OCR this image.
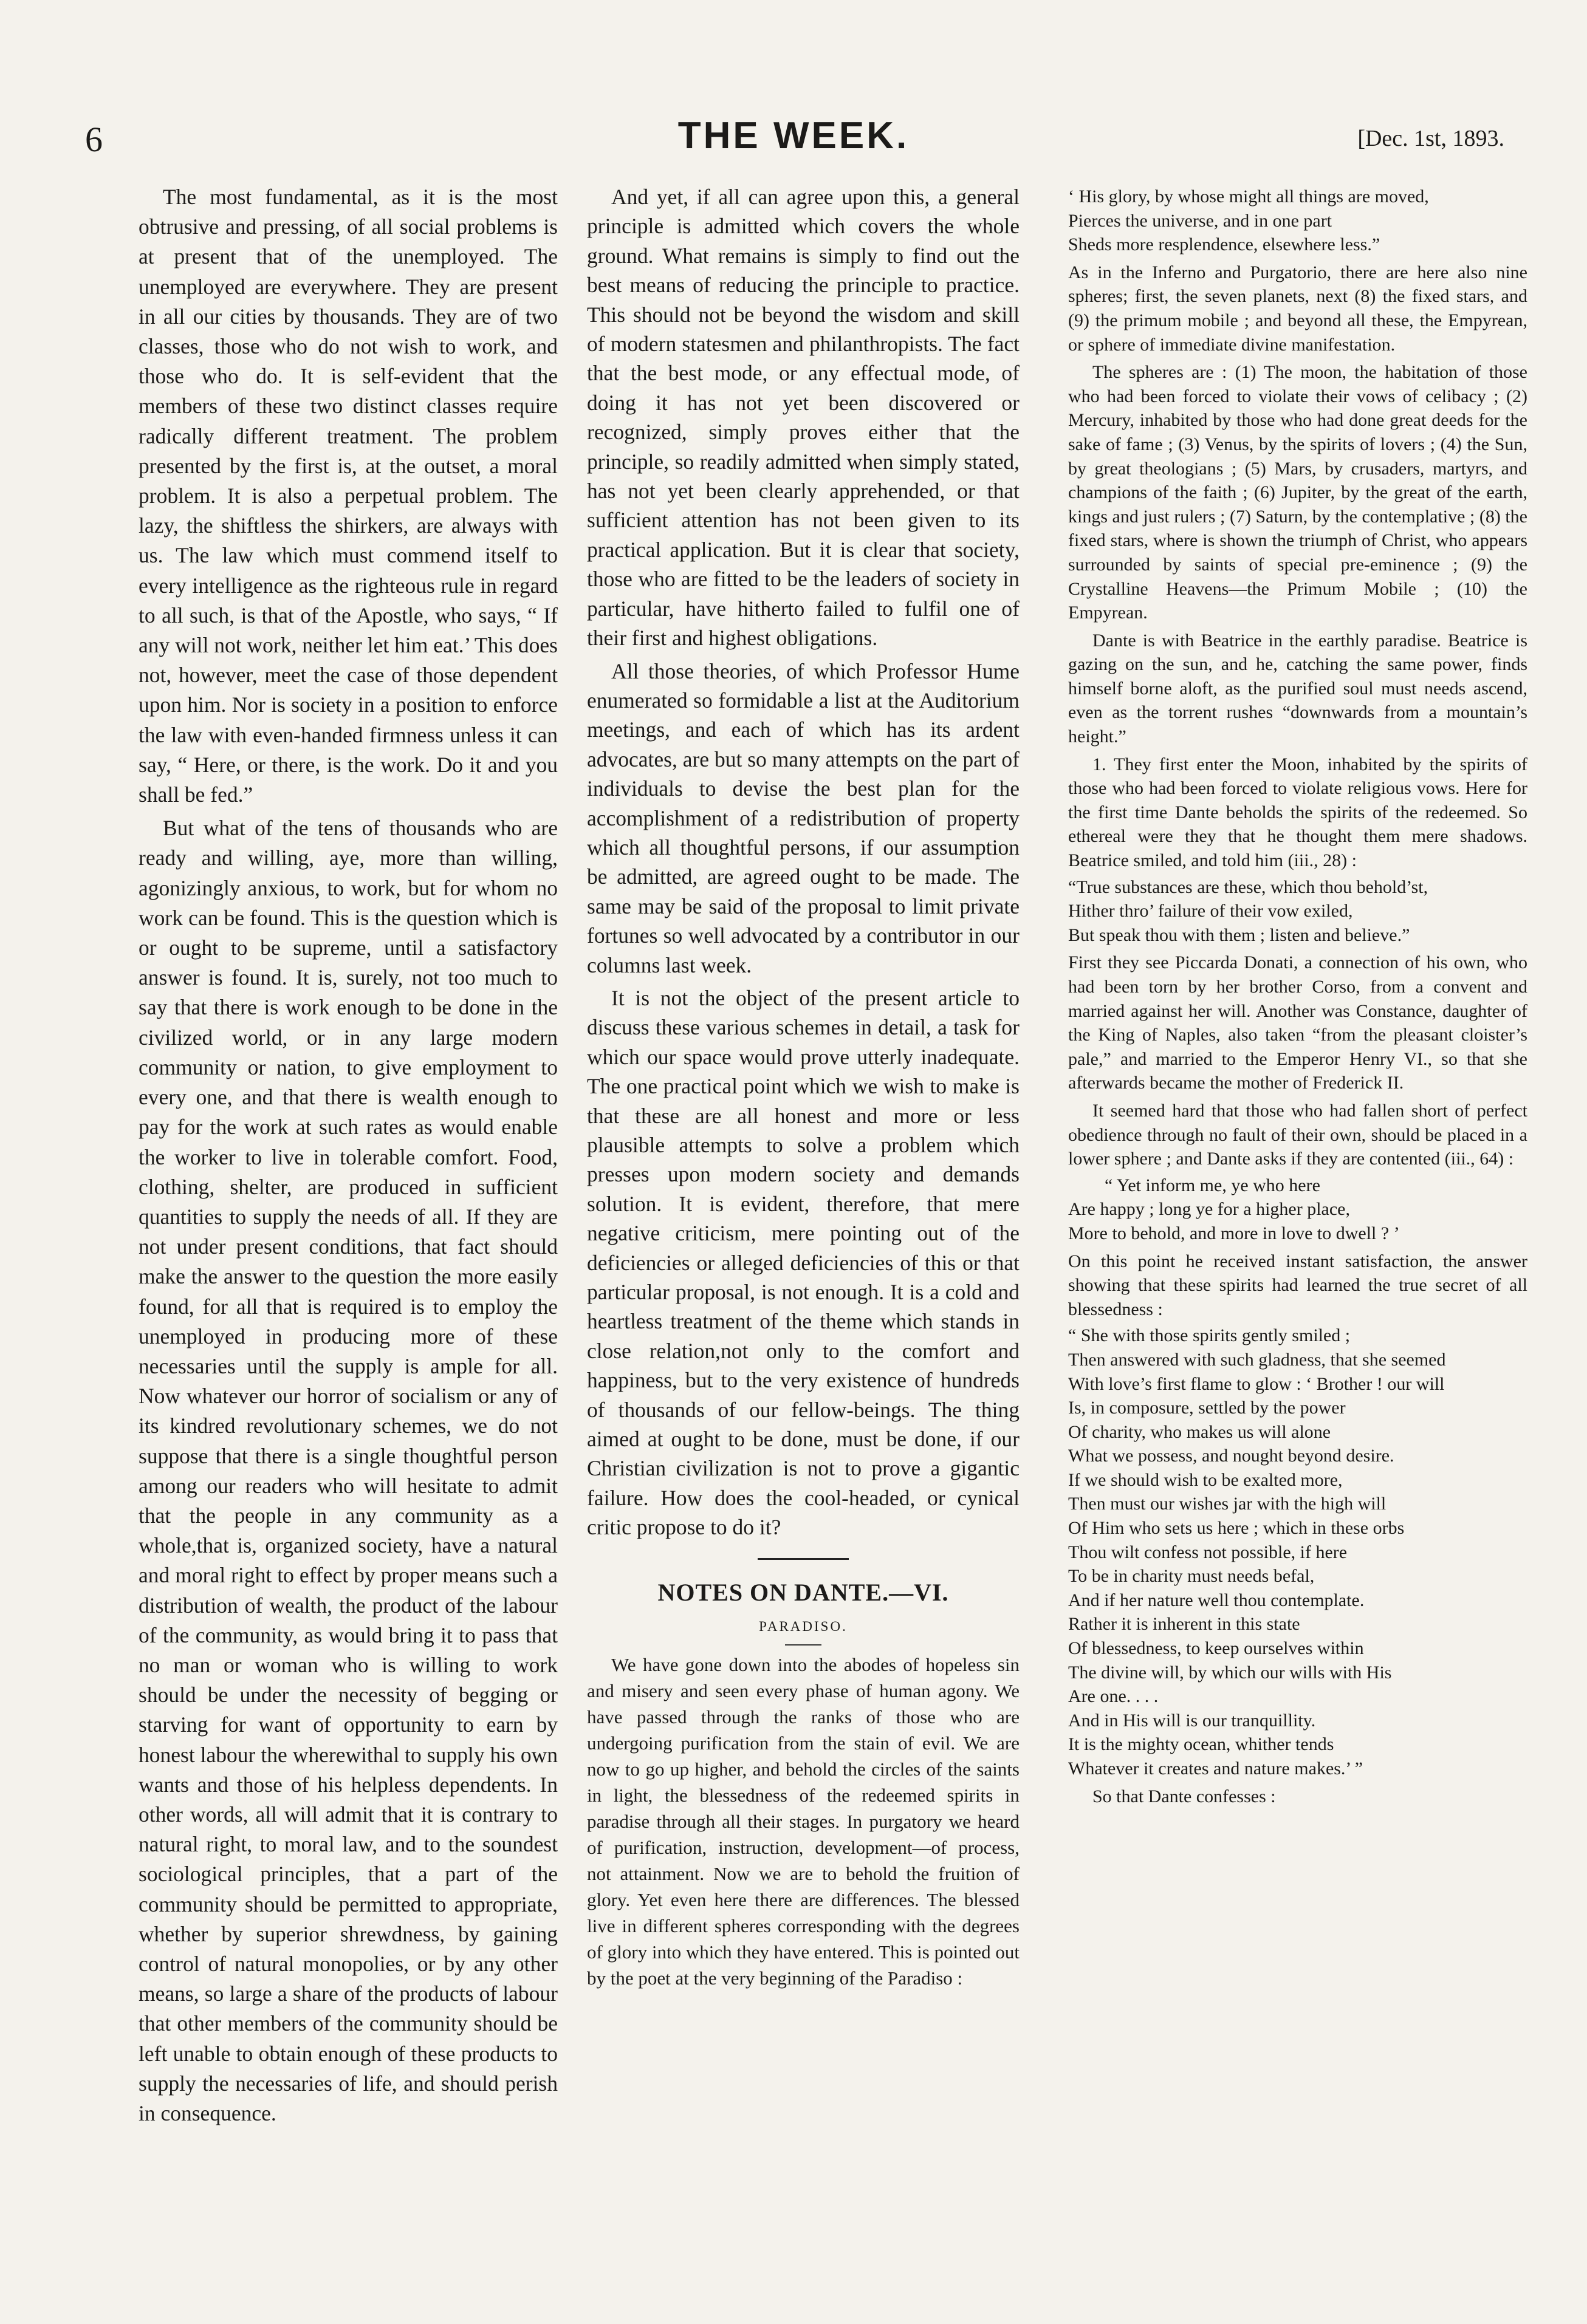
6	THE WEEK.	[Dec. 1st, 1893.

The most fundamental, as it is the most obtrusive and pressing, of all social problems is at present that of the unemployed. The unemployed are everywhere. They are present in all our cities by thousands. They are of two classes, those who do not wish to work, and those who do. It is self-evident that the members of these two distinct classes require radically different treatment. The problem presented by the first is, at the outset, a moral problem. It is also a perpetual problem. The lazy, the shiftless the shirkers, are always with us. The law which must commend itself to every intelligence as the righteous rule in regard to all such, is that of the Apostle, who says, “ If any will not work, neither let him eat.’ This does not, however, meet the case of those dependent upon him. Nor is society in a position to enforce the law with even-handed firmness unless it can say, “ Here, or there, is the work. Do it and you shall be fed.”

But what of the tens of thousands who are ready and willing, aye, more than willing, agonizingly anxious, to work, but for whom no work can be found. This is the question which is or ought to be supreme, until a satisfactory answer is found. It is, surely, not too much to say that there is work enough to be done in the civilized world, or in any large modern community or nation, to give employment to every one, and that there is wealth enough to pay for the work at such rates as would enable the worker to live in tolerable comfort. Food, clothing, shelter, are produced in sufficient quantities to supply the needs of all. If they are not under present conditions, that fact should make the answer to the question the more easily found, for all that is required is to employ the unemployed in producing more of these necessaries until the supply is ample for all. Now whatever our horror of socialism or any of its kindred revolutionary schemes, we do not suppose that there is a single thoughtful person among our readers who will hesitate to admit that the people in any community as a whole,that is, organized society, have a natural and moral right to effect by proper means such a distribution of wealth, the product of the labour of the community, as would bring it to pass that no man or woman who is willing to work should be under the necessity of begging or starving for want of opportunity to earn by honest labour the wherewithal to supply his own wants and those of his helpless dependents. In other words, all will admit that it is contrary to natural right, to moral law, and to the soundest sociological principles, that a part of the community should be permitted to appropriate, whether by superior shrewdness, by gaining control of natural monopolies, or by any other means, so large a share of the products of labour that other members of the community should be left unable to obtain enough of these products to supply the necessaries of life, and should perish in consequence.

And yet, if all can agree upon this, a general principle is admitted which covers the whole ground. What remains is simply to find out the best means of reducing the principle to practice. This should not be beyond the wisdom and skill of modern statesmen and philanthropists. The fact that the best mode, or any effectual mode, of doing it has not yet been discovered or recognized, simply proves either that the principle, so readily admitted when simply stated, has not yet been clearly apprehended, or that sufficient attention has not been given to its practical application. But it is clear that society, those who are fitted to be the leaders of society in particular, have hitherto failed to fulfil one of their first and highest obligations.

All those theories, of which Professor Hume enumerated so formidable a list at the Auditorium meetings, and each of which has its ardent advocates, are but so many attempts on the part of individuals to devise the best plan for the accomplishment of a redistribution of property which all thoughtful persons, if our assumption be admitted, are agreed ought to be made. The same may be said of the proposal to limit private fortunes so well advocated by a contributor in our columns last week.

It is not the object of the present article to discuss these various schemes in detail, a task for which our space would prove utterly inadequate. The one practical point which we wish to make is that these are all honest and more or less plausible attempts to solve a problem which presses upon modern society and demands solution. It is evident, therefore, that mere negative criticism, mere pointing out of the deficiencies or alleged deficiencies of this or that particular proposal, is not enough. It is a cold and heartless treatment of the theme which stands in close relation,not only to the comfort and happiness, but to the very existence of hundreds of thousands of our fellow-beings. The thing aimed at ought to be done, must be done, if our Christian civilization is not to prove a gigantic failure. How does the cool-headed, or cynical critic propose to do it?

NOTES ON DANTE.—VI.
PARADISO.

We have gone down into the abodes of hopeless sin and misery and seen every phase of human agony. We have passed through the ranks of those who are undergoing purification from the stain of evil. We are now to go up higher, and behold the circles of the saints in light, the blessedness of the redeemed spirits in paradise through all their stages. In purgatory we heard of purification, instruction, development—of process, not attainment. Now we are to behold the fruition of glory. Yet even here there are differences. The blessed live in different spheres corresponding with the degrees of glory into which they have entered. This is pointed out by the poet at the very beginning of the Paradiso :

‘ His glory, by whose might all things are moved,
Pierces the universe, and in one part
Sheds more resplendence, elsewhere less.”

As in the Inferno and Purgatorio, there are here also nine spheres; first, the seven planets, next (8) the fixed stars, and (9) the primum mobile ; and beyond all these, the Empyrean, or sphere of immediate divine manifestation.

The spheres are : (1) The moon, the habitation of those who had been forced to violate their vows of celibacy ; (2) Mercury, inhabited by those who had done great deeds for the sake of fame ; (3) Venus, by the spirits of lovers ; (4) the Sun, by great theologians ; (5) Mars, by crusaders, martyrs, and champions of the faith ; (6) Jupiter, by the great of the earth, kings and just rulers ; (7) Saturn, by the contemplative ; (8) the fixed stars, where is shown the triumph of Christ, who appears surrounded by saints of special pre-eminence ; (9) the Crystalline Heavens—the Primum Mobile ; (10) the Empyrean.

Dante is with Beatrice in the earthly paradise. Beatrice is gazing on the sun, and he, catching the same power, finds himself borne aloft, as the purified soul must needs ascend, even as the torrent rushes “downwards from a mountain’s height.”

1. They first enter the Moon, inhabited by the spirits of those who had been forced to violate religious vows. Here for the first time Dante beholds the spirits of the redeemed. So ethereal were they that he thought them mere shadows. Beatrice smiled, and told him (iii., 28) :

“True substances are these, which thou behold’st,
Hither thro’ failure of their vow exiled,
But speak thou with them ; listen and believe.”

First they see Piccarda Donati, a connection of his own, who had been torn by her brother Corso, from a convent and married against her will. Another was Constance, daughter of the King of Naples, also taken “from the pleasant cloister’s pale,” and married to the Emperor Henry VI., so that she afterwards became the mother of Frederick II.

It seemed hard that those who had fallen short of perfect obedience through no fault of their own, should be placed in a lower sphere ; and Dante asks if they are contented (iii., 64) :

“ Yet inform me, ye who here
Are happy ; long ye for a higher place,
More to behold, and more in love to dwell ? ’

On this point he received instant satisfaction, the answer showing that these spirits had learned the true secret of all blessedness :

“ She with those spirits gently smiled ;
Then answered with such gladness, that she seemed
With love’s first flame to glow : ‘ Brother ! our will
Is, in composure, settled by the power
Of charity, who makes us will alone
What we possess, and nought beyond desire.
If we should wish to be exalted more,
Then must our wishes jar with the high will
Of Him who sets us here ; which in these orbs
Thou wilt confess not possible, if here
To be in charity must needs befal,
And if her nature well thou contemplate.
Rather it is inherent in this state
Of blessedness, to keep ourselves within
The divine will, by which our wills with His
Are one. . . .
And in His will is our tranquillity.
It is the mighty ocean, whither tends
Whatever it creates and nature makes.’ ”

So that Dante confesses :
